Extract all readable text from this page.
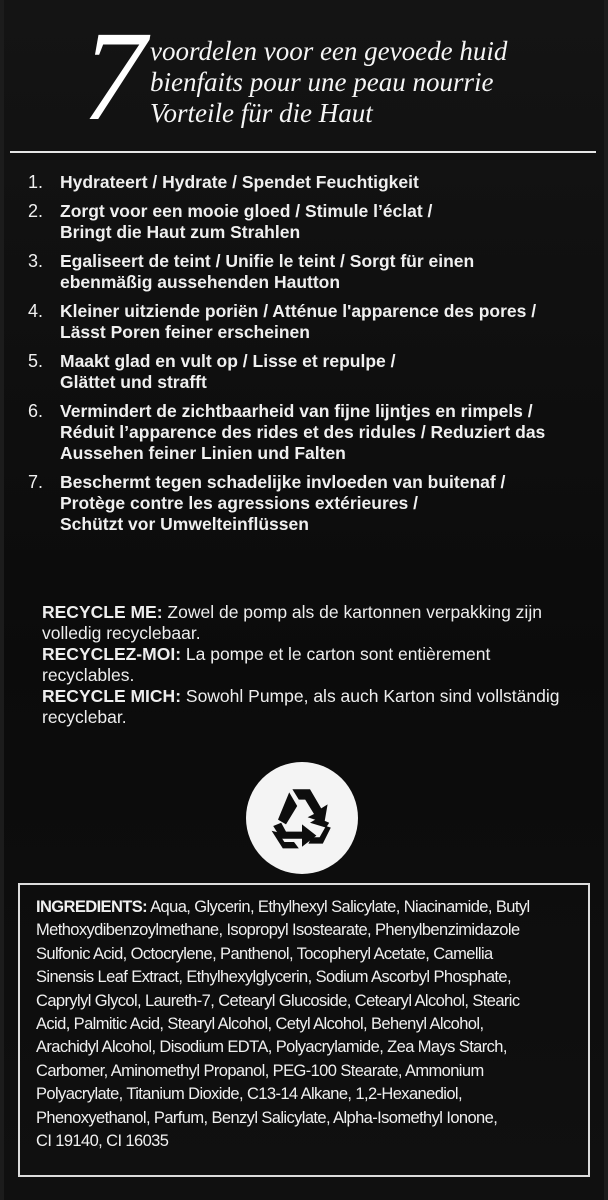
7 voordelen voor een gevoede huid
bienfaits pour une peau nourrie
Vorteile für die Haut
1. Hydrateert / Hydrate / Spendet Feuchtigkeit
2. Zorgt voor een mooie gloed / Stimule l’éclat /
Bringt die Haut zum Strahlen
3. Egaliseert de teint / Unifie le teint / Sorgt für einen
ebenmäßig aussehenden Hautton
4. Kleiner uitziende poriën / Atténue l'apparence des pores /
Lässt Poren feiner erscheinen
5. Maakt glad en vult op / Lisse et repulpe /
Glättet und strafft
6. Vermindert de zichtbaarheid van fijne lijntjes en rimpels /
Réduit l’apparence des rides et des ridules / Reduziert das
Aussehen feiner Linien und Falten
7. Beschermt tegen schadelijke invloeden van buitenaf /
Protège contre les agressions extérieures /
Schützt vor Umwelteinflüssen

RECYCLE ME: Zowel de pomp als de kartonnen verpakking zijn volledig recyclebaar.

RECYCLEZ-MOI: La pompe et le carton sont entièrement recyclables.

RECYCLE MICH: Sowohl Pumpe, als auch Karton sind vollständig recyclebar.

INGREDIENTS: Aqua, Glycerin, Ethylhexyl Salicylate, Niacinamide, Butyl
Methoxydibenzoylmethane, Isopropyl Isostearate, Phenylbenzimidazole
Sulfonic Acid, Octocrylene, Panthenol, Tocopheryl Acetate, Camellia
Sinensis Leaf Extract, Ethylhexylglycerin, Sodium Ascorbyl Phosphate,
Caprylyl Glycol, Laureth-7, Cetearyl Glucoside, Cetearyl Alcohol, Stearic
Acid, Palmitic Acid, Stearyl Alcohol, Cetyl Alcohol, Behenyl Alcohol,
Arachidyl Alcohol, Disodium EDTA, Polyacrylamide, Zea Mays Starch,
Carbomer, Aminomethyl Propanol, PEG-100 Stearate, Ammonium
Polyacrylate, Titanium Dioxide, C13-14 Alkane, 1,2-Hexanediol,
Phenoxyethanol, Parfum, Benzyl Salicylate, Alpha-Isomethyl Ionone,
CI 19140, CI 16035
